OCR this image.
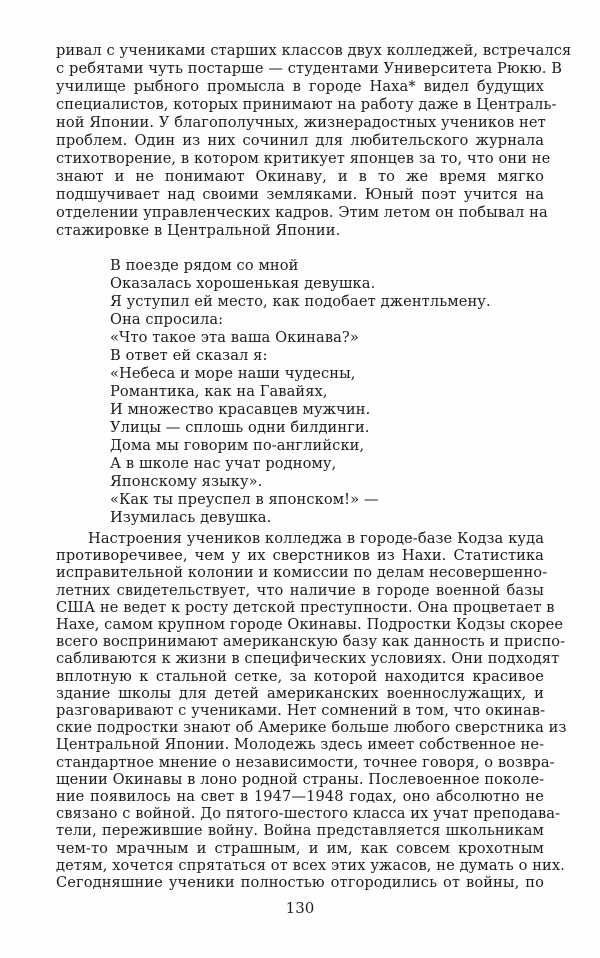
ривал с учениками старших классов двух колледжей, встречался
с ребятами чуть постарше — студентами Университета Рюкю. В
училище рыбного промысла в городе Наха* видел будущих
специалистов, которых принимают на работу даже в Централь-
ной Японии. У благополучных, жизнерадостных учеников нет
проблем. Один из них сочинил для любительского журнала
стихотворение, в котором критикует японцев за то, что они не
знают и не понимают Окинаву, и в то же время мягко
подшучивает над своими земляками. Юный поэт учится на
отделении управленческих кадров. Этим летом он побывал на
стажировке в Центральной Японии.
В поезде рядом со мной
Оказалась хорошенькая девушка.
Я уступил ей место, как подобает джентльмену.
Она спросила:
«Что такое эта ваша Окинава?»
В ответ ей сказал я:
«Небеса и море наши чудесны,
Романтика, как на Гавайях,
И множество красавцев мужчин.
Улицы — сплошь одни билдинги.
Дома мы говорим по-английски,
А в школе нас учат родному,
Японскому языку».
«Как ты преуспел в японском!» —
Изумилась девушка.
Настроения учеников колледжа в городе-базе Кодза куда
противоречивее, чем у их сверстников из Нахи. Статистика
исправительной колонии и комиссии по делам несовершенно-
летних свидетельствует, что наличие в городе военной базы
США не ведет к росту детской преступности. Она процветает в
Нахе, самом крупном городе Окинавы. Подростки Кодзы скорее
всего воспринимают американскую базу как данность и приспо-
сабливаются к жизни в специфических условиях. Они подходят
вплотную к стальной сетке, за которой находится красивое
здание школы для детей американских военнослужащих, и
разговаривают с учениками. Нет сомнений в том, что окинав-
ские подростки знают об Америке больше любого сверстника из
Центральной Японии. Молодежь здесь имеет собственное не-
стандартное мнение о независимости, точнее говоря, о возвра-
щении Окинавы в лоно родной страны. Послевоенное поколе-
ние появилось на свет в 1947—1948 годах, оно абсолютно не
связано с войной. До пятого-шестого класса их учат преподава-
тели, пережившие войну. Война представляется школьникам
чем-то мрачным и страшным, и им, как совсем крохотным
детям, хочется спрятаться от всех этих ужасов, не думать о них.
Сегодняшние ученики полностью отгородились от войны, по
130
